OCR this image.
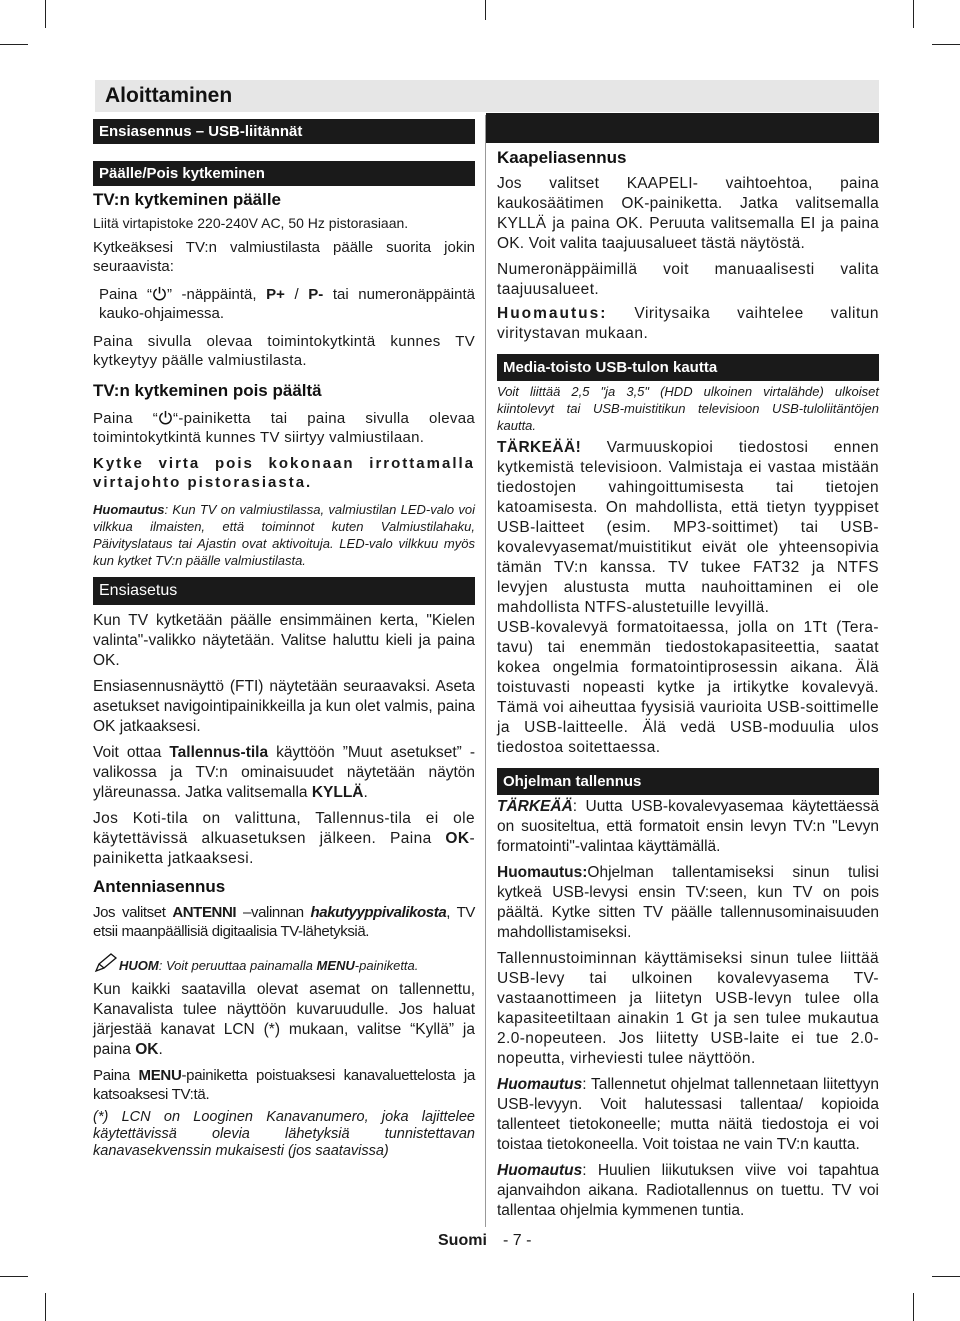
Aloittaminen
Ensiasennus – USB-liitännät
Päälle/Pois kytkeminen
TV:n kytkeminen päälle

Liitä virtapistoke 220-240V AC, 50 Hz pistorasiaan.

Kytkeäksesi TV:n valmiustilasta päälle suorita jokin seuraavista:

Paina “ ” -näppäintä, P+ / P- tai numeronäppäintä kauko-ohjaimessa.

Paina sivulla olevaa toimintokytkintä kunnes TV kytkeytyy päälle valmiustilasta.

TV:n kytkeminen pois päältä

Paina “ “-painiketta tai paina sivulla olevaa toimintokytkintä kunnes TV siirtyy valmiustilaan.

Kytke virta pois kokonaan irrottamalla virtajohto pistorasiasta.

Huomautus: Kun TV on valmiustilassa, valmiustilan LED-valo voi vilkkua ilmaisten, että toiminnot kuten Valmiustilahaku, Päivityslataus tai Ajastin ovat aktivoituja. LED-valo vilkkuu myös kun kytket TV:n päälle valmiustilasta.

Ensiasetus

Kun TV kytketään päälle ensimmäinen kerta, "Kielen valinta"-valikko näytetään. Valitse haluttu kieli ja paina OK.

Ensiasennusnäyttö (FTI) näytetään seuraavaksi. Aseta asetukset navigointipainikkeilla ja kun olet valmis, paina OK jatkaaksesi.

Voit ottaa Tallennus-tila käyttöön ”Muut asetukset” -valikossa ja TV:n ominaisuudet näytetään näytön yläreunassa. Jatka valitsemalla KYLLÄ.

Jos Koti-tila on valittuna, Tallennus-tila ei ole käytettävissä alkuasetuksen jälkeen. Paina OK-painiketta jatkaaksesi.

Antenniasennus

Jos valitset ANTENNI –valinnan hakutyyppivalikosta, TV etsii maanpäällisiä digitaalisia TV-lähetyksiä.

HUOM: Voit peruuttaa painamalla MENU-painiketta.

Kun kaikki saatavilla olevat asemat on tallennettu, Kanavalista tulee näyttöön kuvaruudulle. Jos haluat järjestää kanavat LCN (*) mukaan, valitse “Kyllä” ja paina OK.

Paina MENU-painiketta poistuaksesi kanavaluettelosta ja katsoaksesi TV:tä.

(*) LCN on Looginen Kanavanumero, joka lajittelee käytettävissä olevia lähetyksiä tunnistettavan kanavasekvenssin mukaisesti (jos saatavissa)

Kaapeliasennus

Jos valitset KAAPELI- vaihtoehtoa, paina kaukosäätimen OK-painiketta. Jatka valitsemalla KYLLÄ ja paina OK. Peruuta valitsemalla EI ja paina OK. Voit valita taajuusalueet tästä näytöstä.

Numeronäppäimillä voit manuaalisesti valita taajuusalueet.

Huomautus: Viritysaika vaihtelee valitun viritystavan mukaan.

Media-toisto USB-tulon kautta

Voit liittää 2,5 "ja 3,5" (HDD ulkoinen virtalähde) ulkoiset kiintolevyt tai USB-muistitikun televisioon USB-tuloliitäntöjen kautta.

TÄRKEÄÄ! Varmuuskopioi tiedostosi ennen kytkemistä televisioon. Valmistaja ei vastaa mistään tiedostojen vahingoittumisesta tai tietojen katoamisesta. On mahdollista, että tietyn tyyppiset USB-laitteet (esim. MP3-soittimet) tai USB-kovalevyasemat/muistitikut eivät ole yhteensopivia tämän TV:n kanssa. TV tukee FAT32 ja NTFS levyjen alustusta mutta nauhoittaminen ei ole mahdollista NTFS-alustetuille levyillä.

USB-kovalevyä formatoitaessa, jolla on 1Tt (Tera-tavu) tai enemmän tiedostokapasiteettia, saatat kokea ongelmia formatointiprosessin aikana. Älä toistuvasti nopeasti kytke ja irtikytke kovalevyä. Tämä voi aiheuttaa fyysisiä vaurioita USB-soittimelle ja USB-laitteelle. Älä vedä USB-moduulia ulos tiedostoa soitettaessa.

Ohjelman tallennus

TÄRKEÄÄ: Uutta USB-kovalevyasemaa käytettäessä on suositeltua, että formatoit ensin levyn TV:n "Levyn formatointi"-valintaa käyttämällä.

Huomautus:Ohjelman tallentamiseksi sinun tulisi kytkeä USB-levysi ensin TV:seen, kun TV on pois päältä. Kytke sitten TV päälle tallennusominaisuuden mahdollistamiseksi.

Tallennustoiminnan käyttämiseksi sinun tulee liittää USB-levy tai ulkoinen kovalevyasema TV-vastaanottimeen ja liitetyn USB-levyn tulee olla kapasiteetiltaan ainakin 1 Gt ja sen tulee mukautua 2.0-nopeuteen. Jos liitetty USB-laite ei tue 2.0-nopeutta, virheviesti tulee näyttöön.

Huomautus: Tallennetut ohjelmat tallennetaan liitettyyn USB-levyyn. Voit halutessasi tallentaa/ kopioida tallenteet tietokoneelle; mutta näitä tiedostoja ei voi toistaa tietokoneella. Voit toistaa ne vain TV:n kautta.

Huomautus: Huulien liikutuksen viive voi tapahtua ajanvaihdon aikana. Radiotallennus on tuettu. TV voi tallentaa ohjelmia kymmenen tuntia.

Suomi - 7 -
